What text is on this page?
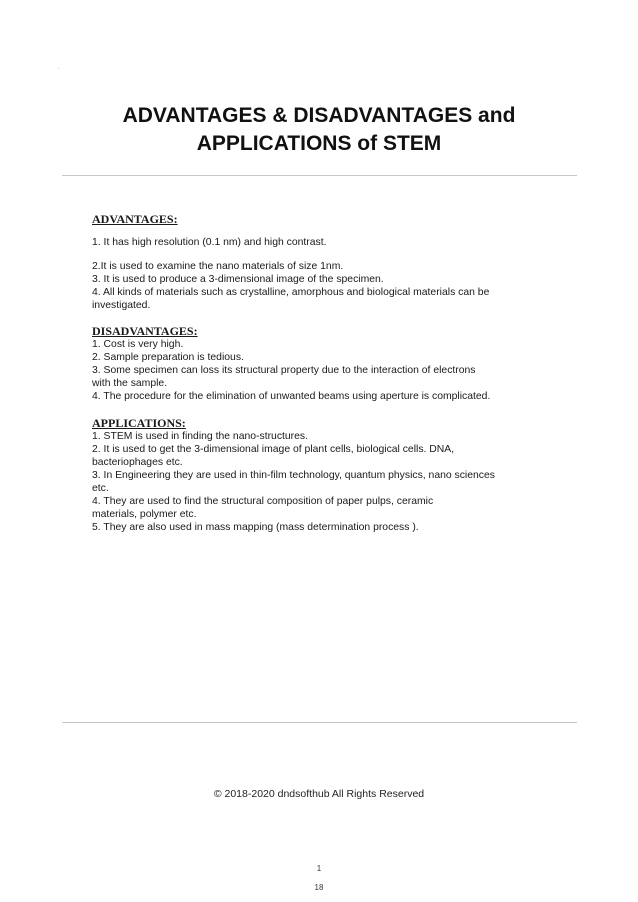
ADVANTAGES & DISADVANTAGES and
APPLICATIONS of STEM

ADVANTAGES:

1. It has high resolution (0.1 nm) and high contrast.

2.It is used to examine the nano materials of size 1nm.

3. It is used to produce a 3-dimensional image of the specimen.

4. All kinds of materials such as crystalline, amorphous and biological materials can be

investigated.

DISADVANTAGES:

1. Cost is very high.

2. Sample preparation is tedious.

3. Some specimen can loss its structural property due to the interaction of electrons

with the sample.

4. The procedure for the elimination of unwanted beams using aperture is complicated.

APPLICATIONS:

1. STEM is used in finding the nano-structures.

2. It is used to get the 3-dimensional image of plant cells, biological cells. DNA,

bacteriophages etc.

3. In Engineering they are used in thin-film technology, quantum physics, nano sciences

etc.

4. They are used to find the structural composition of paper pulps, ceramic

materials, polymer etc.

5. They are also used in mass mapping (mass determination process ).

© 2018-2020 dndsofthub All Rights Reserved
1
18
